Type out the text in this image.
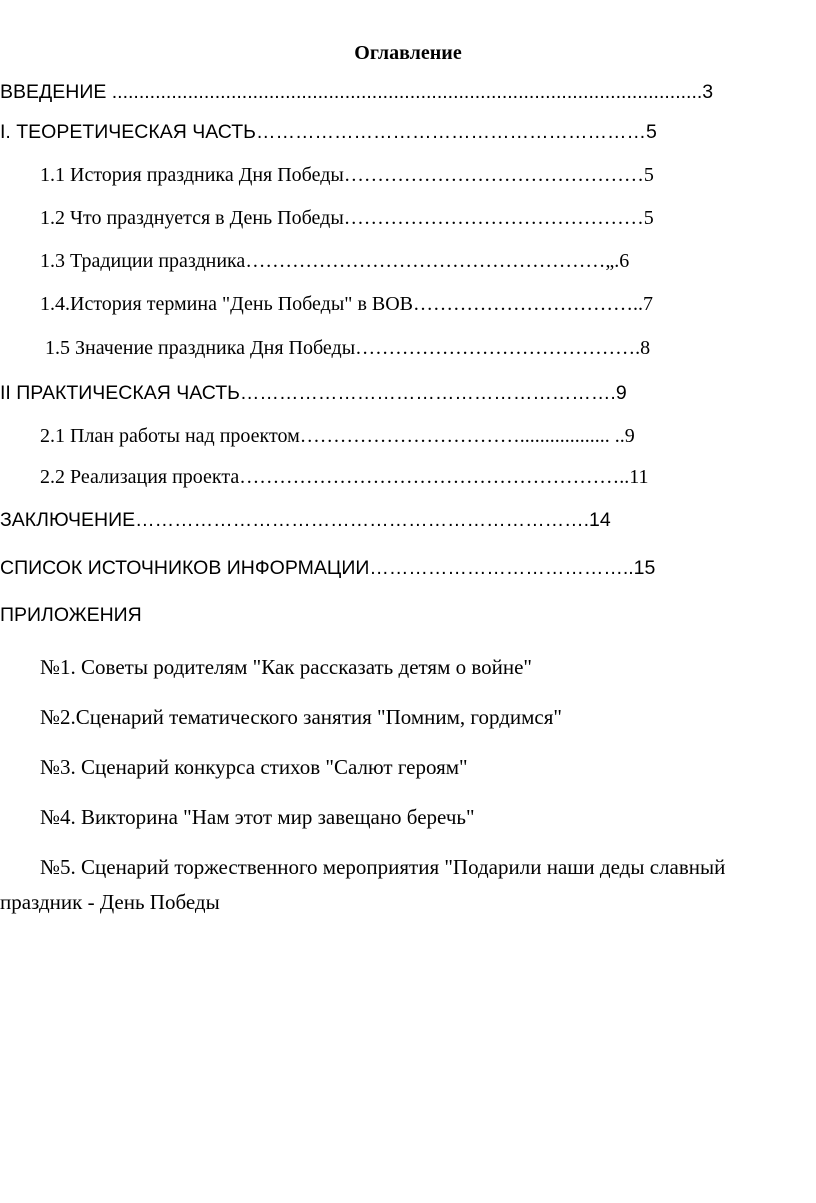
Оглавление
ВВЕДЕНИЕ .............................................................................................................3
I. ТЕОРЕТИЧЕСКАЯ ЧАСТЬ……………………………………………………5
1.1 История праздника Дня Победы………………………………………5
1.2 Что празднуется в День Победы………………………………………5
1.3 Традиции праздника………………………………………………„.6
1.4.История термина "День Победы" в ВОВ……………………………..7
1.5 Значение праздника Дня Победы…………………………………….8
II ПРАКТИЧЕСКАЯ ЧАСТЬ………………………………………………….9
2.1 План работы над проектом…………………………….................. ..9
2.2 Реализация проекта…………………………………………………..11
ЗАКЛЮЧЕНИЕ…………………………………………………………….14
СПИСОК ИСТОЧНИКОВ ИНФОРМАЦИИ…………………………………..15
ПРИЛОЖЕНИЯ
№1. Советы родителям "Как рассказать детям о войне"
№2.Сценарий тематического занятия "Помним, гордимся"
№3. Сценарий конкурса стихов "Салют героям"
№4. Викторина "Нам этот мир завещано беречь"
№5. Сценарий торжественного мероприятия "Подарили наши деды славный праздник - День Победы
